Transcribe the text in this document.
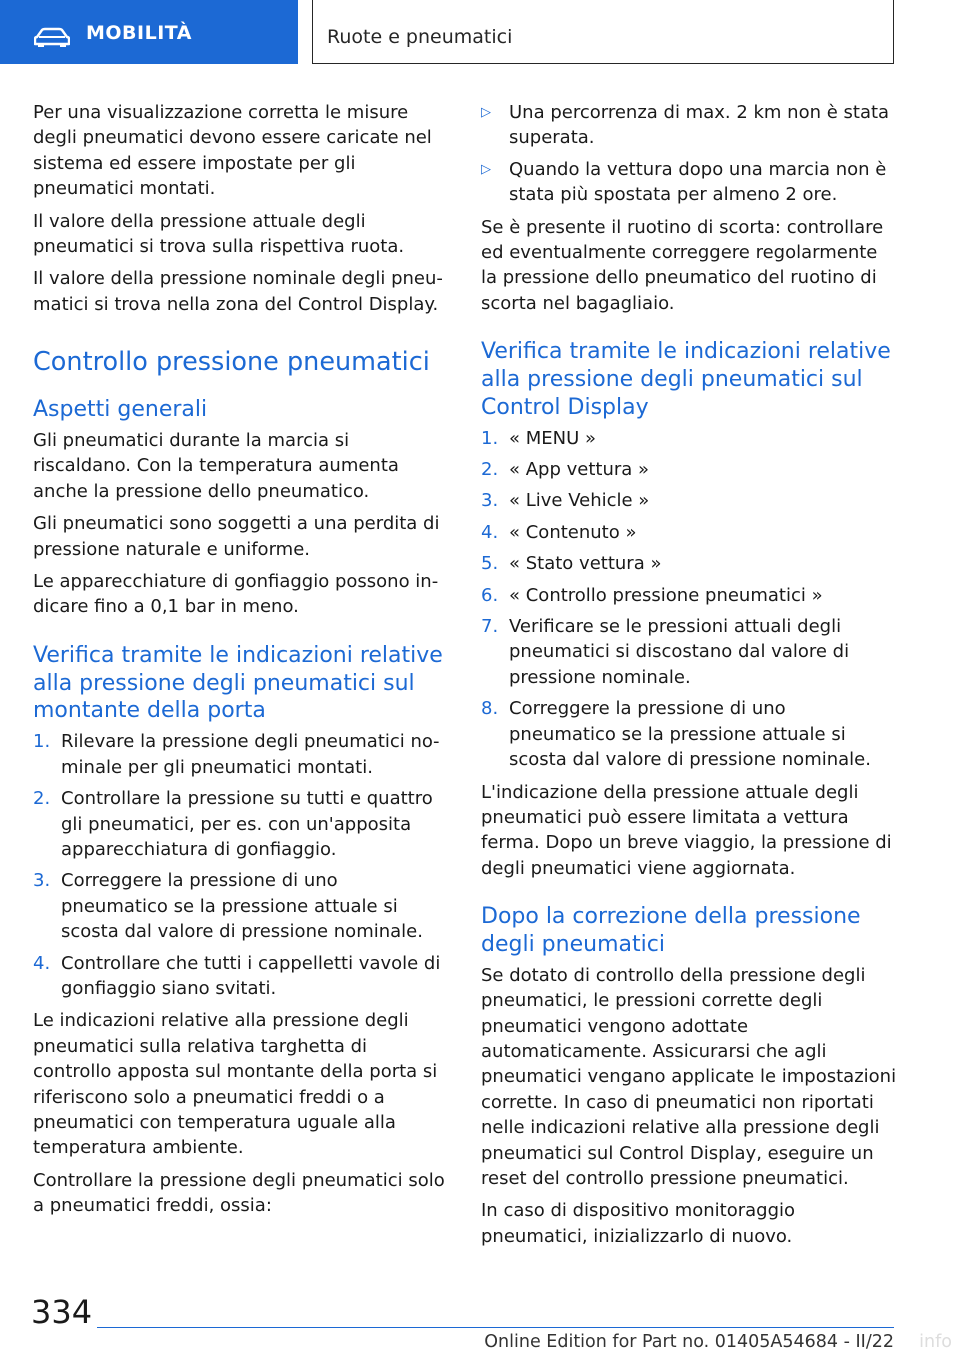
MOBILITÀ	Ruote e pneumatici

Per una visualizzazione corretta le misure degli pneumatici devono essere caricate nel sistema ed essere impostate per gli pneumatici montati.

Il valore della pressione attuale degli pneumatici si trova sulla rispettiva ruota.

Il valore della pressione nominale degli pneumatici si trova nella zona del Control Display.

Controllo pressione pneumatici
Aspetti generali

Gli pneumatici durante la marcia si riscaldano. Con la temperatura aumenta anche la pressione dello pneumatico.

Gli pneumatici sono soggetti a una perdita di pressione naturale e uniforme.

Le apparecchiature di gonfiaggio possono indicare fino a 0,1 bar in meno.

Verifica tramite le indicazioni relative alla pressione degli pneumatici sul montante della porta
1. Rilevare la pressione degli pneumatici nominale per gli pneumatici montati.
2. Controllare la pressione su tutti e quattro gli pneumatici, per es. con un'apposita apparecchiatura di gonfiaggio.
3. Correggere la pressione di uno pneumatico se la pressione attuale si scosta dal valore di pressione nominale.
4. Controllare che tutti i cappelletti vavole di gonfiaggio siano svitati.

Le indicazioni relative alla pressione degli pneumatici sulla relativa targhetta di controllo apposta sul montante della porta si riferiscono solo a pneumatici freddi o a pneumatici con temperatura uguale alla temperatura ambiente.

Controllare la pressione degli pneumatici solo a pneumatici freddi, ossia:

▷	Una percorrenza di max. 2 km non è stata superata.
▷	Quando la vettura dopo una marcia non è stata più spostata per almeno 2 ore.

Se è presente il ruotino di scorta: controllare ed eventualmente correggere regolarmente la pressione dello pneumatico del ruotino di scorta nel bagagliaio.

Verifica tramite le indicazioni relative alla pressione degli pneumatici sul Control Display
1. « MENU »
2. « App vettura »
3. « Live Vehicle »
4. « Contenuto »
5. « Stato vettura »
6. « Controllo pressione pneumatici »
7. Verificare se le pressioni attuali degli pneumatici si discostano dal valore di pressione nominale.
8. Correggere la pressione di uno pneumatico se la pressione attuale si scosta dal valore di pressione nominale.

L'indicazione della pressione attuale degli pneumatici può essere limitata a vettura ferma. Dopo un breve viaggio, la pressione di degli pneumatici viene aggiornata.

Dopo la correzione della pressione degli pneumatici

Se dotato di controllo della pressione degli pneumatici, le pressioni corrette degli pneumatici vengono adottate automaticamente. Assicurarsi che agli pneumatici vengano applicate le impostazioni corrette. In caso di pneumatici non riportati nelle indicazioni relative alla pressione degli pneumatici sul Control Display, eseguire un reset del controllo pressione pneumatici.

In caso di dispositivo monitoraggio pneumatici, inizializzarlo di nuovo.

334
Online Edition for Part no. 01405A54684 - II/22 info
